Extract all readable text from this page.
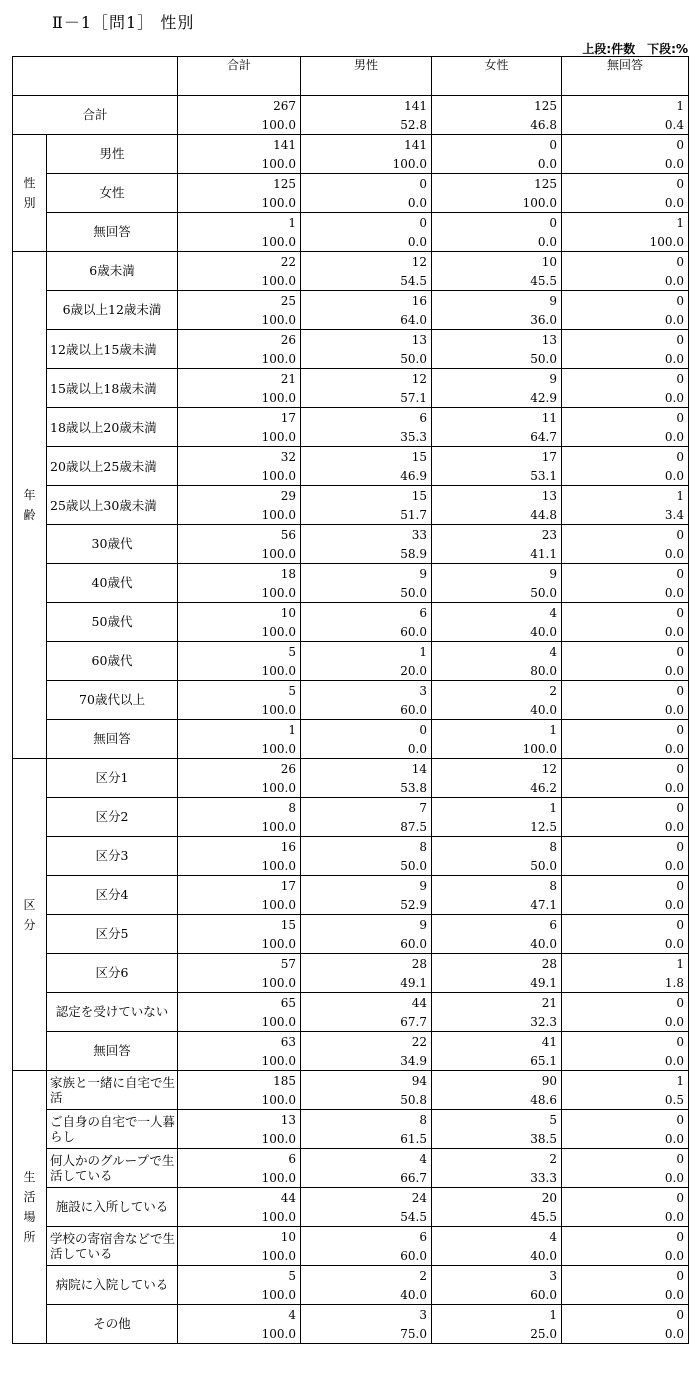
Ⅱ－1［問1］ 性別
上段:件数　下段:%
		合計	男性	女性	無回答
合計		267	141	125	1
		100.0	52.8	46.8	0.4
性別	男性	141	141	0	0
		100.0	100.0	0.0	0.0
	女性	125	0	125	0
		100.0	0.0	100.0	0.0
	無回答	1	0	0	1
		100.0	0.0	0.0	100.0
年齢	6歳未満	22	12	10	0
		100.0	54.5	45.5	0.0
	6歳以上12歳未満	25	16	9	0
		100.0	64.0	36.0	0.0
	12歳以上15歳未満	26	13	13	0
		100.0	50.0	50.0	0.0
	15歳以上18歳未満	21	12	9	0
		100.0	57.1	42.9	0.0
	18歳以上20歳未満	17	6	11	0
		100.0	35.3	64.7	0.0
	20歳以上25歳未満	32	15	17	0
		100.0	46.9	53.1	0.0
	25歳以上30歳未満	29	15	13	1
		100.0	51.7	44.8	3.4
	30歳代	56	33	23	0
		100.0	58.9	41.1	0.0
	40歳代	18	9	9	0
		100.0	50.0	50.0	0.0
	50歳代	10	6	4	0
		100.0	60.0	40.0	0.0
	60歳代	5	1	4	0
		100.0	20.0	80.0	0.0
	70歳代以上	5	3	2	0
		100.0	60.0	40.0	0.0
	無回答	1	0	1	0
		100.0	0.0	100.0	0.0
区分	区分1	26	14	12	0
		100.0	53.8	46.2	0.0
	区分2	8	7	1	0
		100.0	87.5	12.5	0.0
	区分3	16	8	8	0
		100.0	50.0	50.0	0.0
	区分4	17	9	8	0
		100.0	52.9	47.1	0.0
	区分5	15	9	6	0
		100.0	60.0	40.0	0.0
	区分6	57	28	28	1
		100.0	49.1	49.1	1.8
	認定を受けていない	65	44	21	0
		100.0	67.7	32.3	0.0
	無回答	63	22	41	0
		100.0	34.9	65.1	0.0
生活場所	家族と一緒に自宅で生活	185	94	90	1
		100.0	50.8	48.6	0.5
	ご自身の自宅で一人暮らし	13	8	5	0
		100.0	61.5	38.5	0.0
	何人かのグループで生活している	6	4	2	0
		100.0	66.7	33.3	0.0
	施設に入所している	44	24	20	0
		100.0	54.5	45.5	0.0
	学校の寄宿舎などで生活している	10	6	4	0
		100.0	60.0	40.0	0.0
	病院に入院している	5	2	3	0
		100.0	40.0	60.0	0.0
	その他	4	3	1	0
		100.0	75.0	25.0	0.0
